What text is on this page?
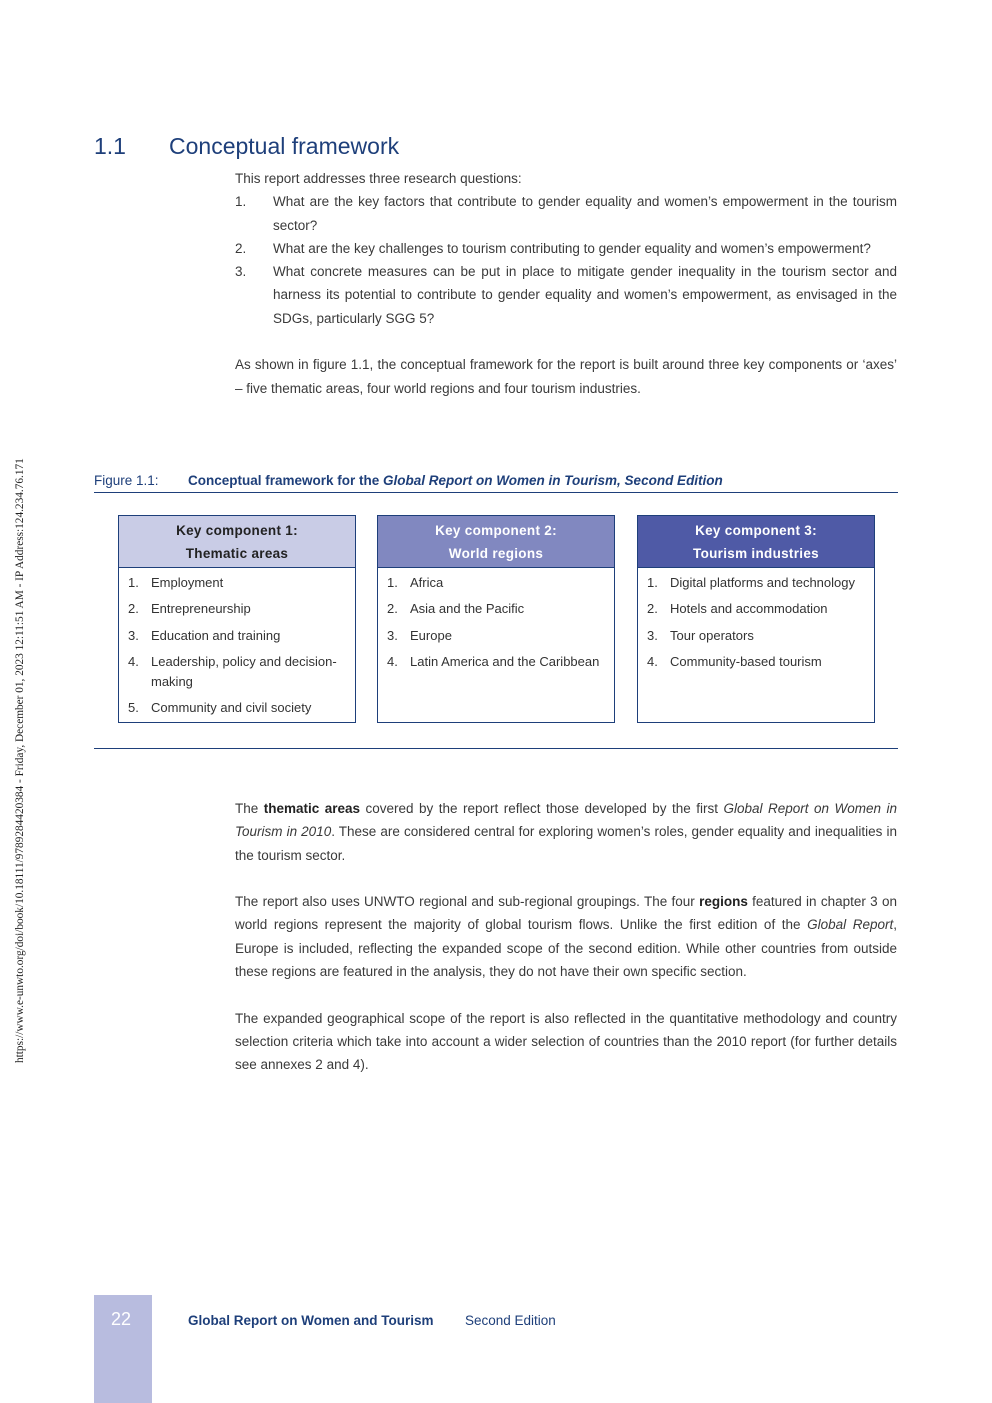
https://www.e-unwto.org/doi/book/10.18111/9789284420384 - Friday, December 01, 2023 12:11:51 AM - IP Address:124.234.76.171
1.1 Conceptual framework

This report addresses three research questions:

1.	What are the key factors that contribute to gender equality and women’s empowerment in the tourism sector?
2.	What are the key challenges to tourism contributing to gender equality and women’s empowerment?
3.	What concrete measures can be put in place to mitigate gender inequality in the tourism sector and harness its potential to contribute to gender equality and women’s empowerment, as envisaged in the SDGs, particularly SGG 5?

As shown in figure 1.1, the conceptual framework for the report is built around three key components or ‘axes’ – five thematic areas, four world regions and four tourism industries.

Figure 1.1: Conceptual framework for the Global Report on Women in Tourism, Second Edition
Key component 1:
Thematic areas
1. Employment
2. Entrepreneurship
3. Education and training
4. Leadership, policy and decision-making
5. Community and civil society
Key component 2:
World regions
1. Africa
2. Asia and the Pacific
3. Europe
4. Latin America and the Caribbean
Key component 3:
Tourism industries
1. Digital platforms and technology
2. Hotels and accommodation
3. Tour operators
4. Community-based tourism

The thematic areas covered by the report reflect those developed by the first Global Report on Women in Tourism in 2010. These are considered central for exploring women’s roles, gender equality and inequalities in the tourism sector.

The report also uses UNWTO regional and sub-regional groupings. The four regions featured in chapter 3 on world regions represent the majority of global tourism flows. Unlike the first edition of the Global Report, Europe is included, reflecting the expanded scope of the second edition. While other countries from outside these regions are featured in the analysis, they do not have their own specific section.

The expanded geographical scope of the report is also reflected in the quantitative methodology and country selection criteria which take into account a wider selection of countries than the 2010 report (for further details see annexes 2 and 4).

22	Global Report on Women and Tourism Second Edition
